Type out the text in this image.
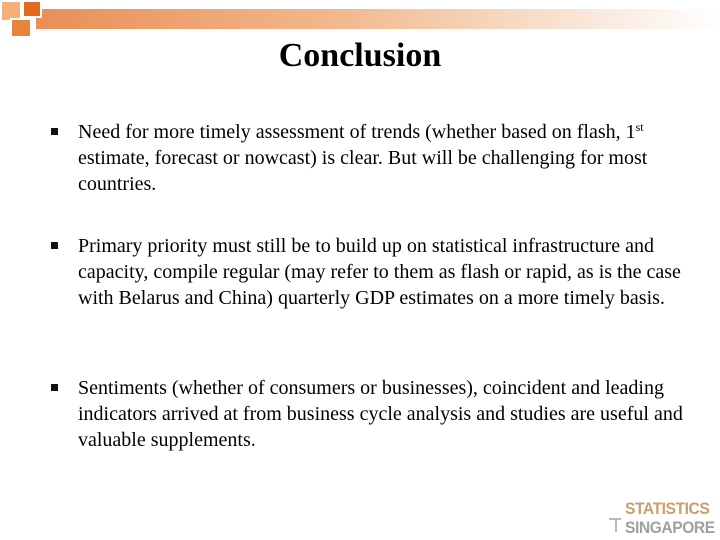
Conclusion

Need for more timely assessment of trends (whether based on flash, 1st estimate, forecast or nowcast) is clear. But will be challenging for most countries.

Primary priority must still be to build up on statistical infrastructure and capacity, compile regular (may refer to them as flash or rapid, as is the case with Belarus and China) quarterly GDP estimates on a more timely basis.

Sentiments (whether of consumers or businesses), coincident and leading indicators arrived at from business cycle analysis and studies are useful and valuable supplements.

STATISTICS
SINGAPORE
